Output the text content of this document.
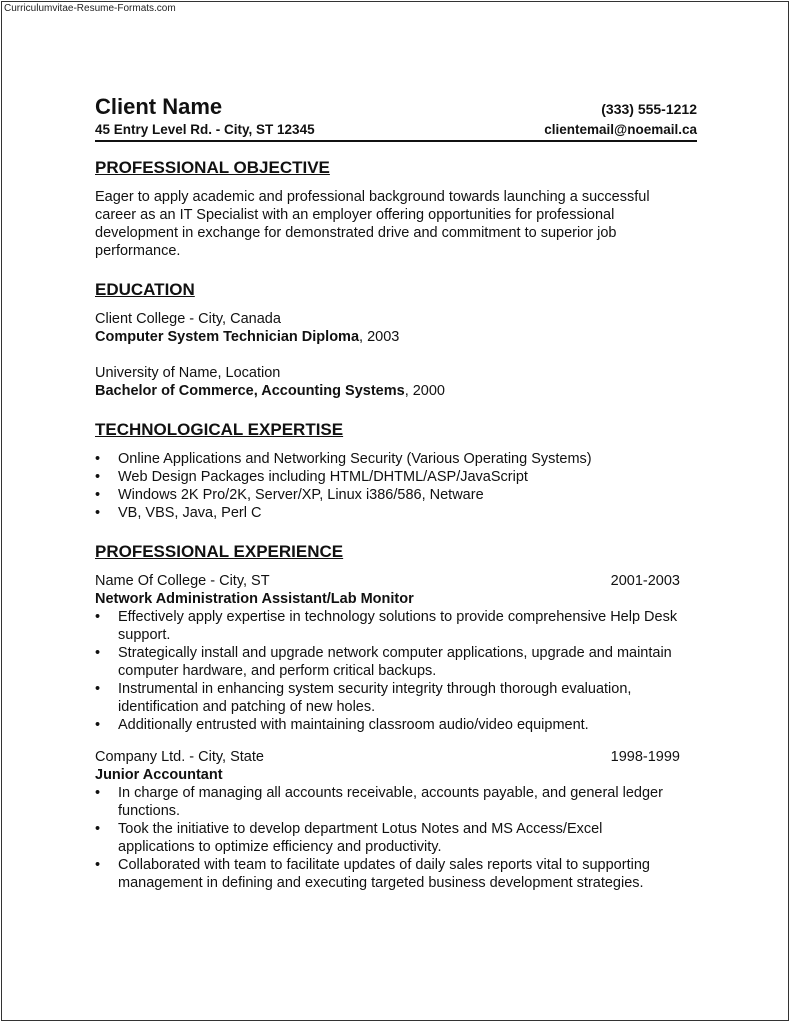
Curriculumvitae-Resume-Formats.com
Client Name	(333) 555-1212
45 Entry Level Rd. - City, ST 12345	clientemail@noemail.ca
PROFESSIONAL OBJECTIVE
Eager to apply academic and professional background towards launching a successful career as an IT Specialist with an employer offering opportunities for professional development in exchange for demonstrated drive and commitment to superior job performance.
EDUCATION
Client College - City, Canada
Computer System Technician Diploma, 2003
University of Name, Location
Bachelor of Commerce, Accounting Systems, 2000
TECHNOLOGICAL EXPERTISE
• Online Applications and Networking Security (Various Operating Systems)
• Web Design Packages including HTML/DHTML/ASP/JavaScript
• Windows 2K Pro/2K, Server/XP, Linux i386/586, Netware
• VB, VBS, Java, Perl C
PROFESSIONAL EXPERIENCE
Name Of College - City, ST	2001-2003
Network Administration Assistant/Lab Monitor
• Effectively apply expertise in technology solutions to provide comprehensive Help Desk support.
• Strategically install and upgrade network computer applications, upgrade and maintain computer hardware, and perform critical backups.
• Instrumental in enhancing system security integrity through thorough evaluation, identification and patching of new holes.
• Additionally entrusted with maintaining classroom audio/video equipment.
Company Ltd. - City, State	1998-1999
Junior Accountant
• In charge of managing all accounts receivable, accounts payable, and general ledger functions.
• Took the initiative to develop department Lotus Notes and MS Access/Excel applications to optimize efficiency and productivity.
• Collaborated with team to facilitate updates of daily sales reports vital to supporting management in defining and executing targeted business development strategies.
